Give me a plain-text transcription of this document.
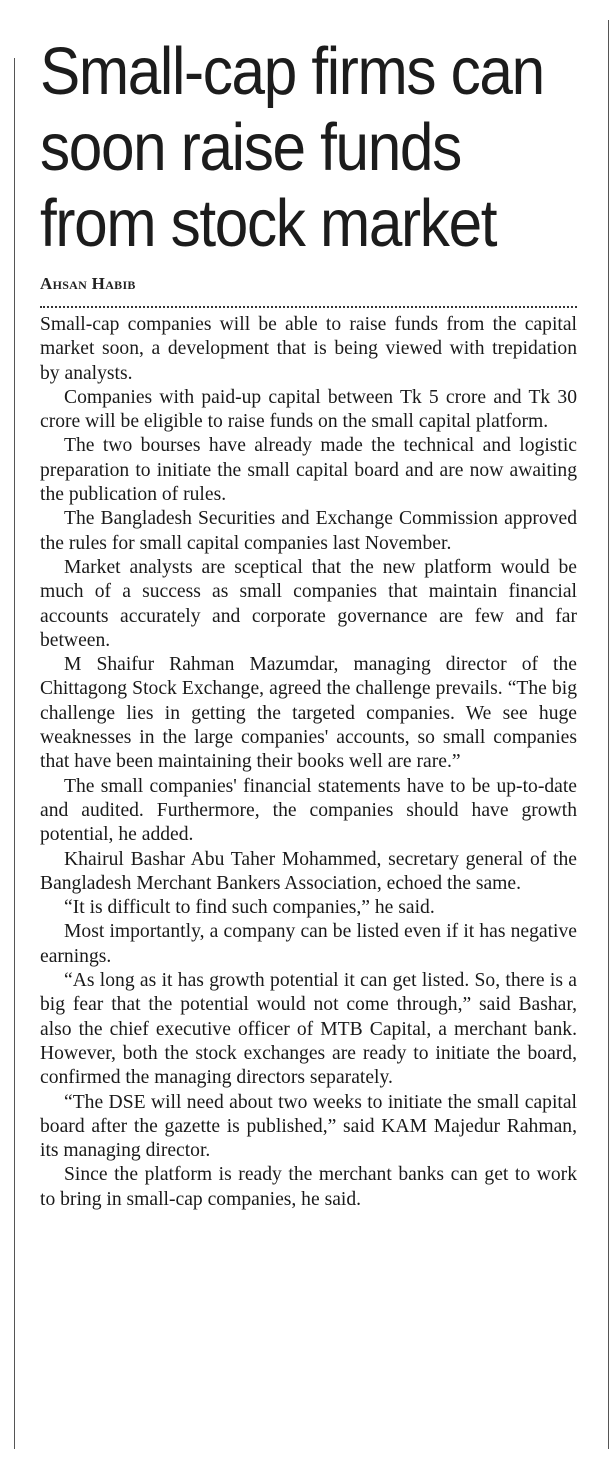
Small-cap firms can soon raise funds from stock market
Ahsan Habib

Small-cap companies will be able to raise funds from the capital market soon, a development that is being viewed with trepidation by analysts.

Companies with paid-up capital between Tk 5 crore and Tk 30 crore will be eligible to raise funds on the small capital platform.

The two bourses have already made the technical and logistic preparation to initiate the small capital board and are now awaiting the publication of rules.

The Bangladesh Securities and Exchange Commission approved the rules for small capital companies last November.

Market analysts are sceptical that the new platform would be much of a success as small companies that maintain financial accounts accurately and corporate governance are few and far between.

M Shaifur Rahman Mazumdar, managing director of the Chittagong Stock Exchange, agreed the challenge prevails. “The big challenge lies in getting the targeted companies. We see huge weaknesses in the large companies' accounts, so small companies that have been maintaining their books well are rare.”

The small companies' financial statements have to be up-to-date and audited. Furthermore, the companies should have growth potential, he added.

Khairul Bashar Abu Taher Mohammed, secretary general of the Bangladesh Merchant Bankers Association, echoed the same.

“It is difficult to find such companies,” he said.

Most importantly, a company can be listed even if it has negative earnings.

“As long as it has growth potential it can get listed. So, there is a big fear that the potential would not come through,” said Bashar, also the chief executive officer of MTB Capital, a merchant bank. However, both the stock exchanges are ready to initiate the board, confirmed the managing directors separately.

“The DSE will need about two weeks to initiate the small capital board after the gazette is published,” said KAM Majedur Rahman, its managing director.

Since the platform is ready the merchant banks can get to work to bring in small-cap companies, he said.
